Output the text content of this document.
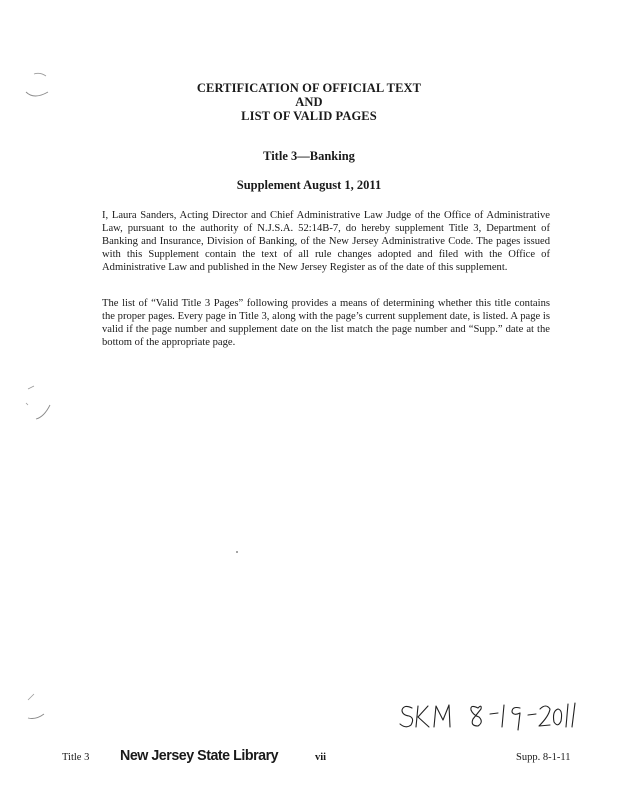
CERTIFICATION OF OFFICIAL TEXT
AND
LIST OF VALID PAGES
Title 3—Banking
Supplement August 1, 2011
I, Laura Sanders, Acting Director and Chief Administrative Law Judge of the Office of Administrative Law, pursuant to the authority of N.J.S.A. 52:14B-7, do hereby supplement Title 3, Department of Banking and Insurance, Division of Banking, of the New Jersey Administrative Code. The pages issued with this Supplement contain the text of all rule changes adopted and filed with the Office of Administrative Law and published in the New Jersey Register as of the date of this supplement.
The list of “Valid Title 3 Pages” following provides a means of determining whether this title contains the proper pages. Every page in Title 3, along with the page’s current supplement date, is listed. A page is valid if the page number and supplement date on the list match the page number and “Supp.” date at the bottom of the appropriate page.
SKM 8-19-2011
Title 3 New Jersey State Library	vii	Supp. 8-1-11
